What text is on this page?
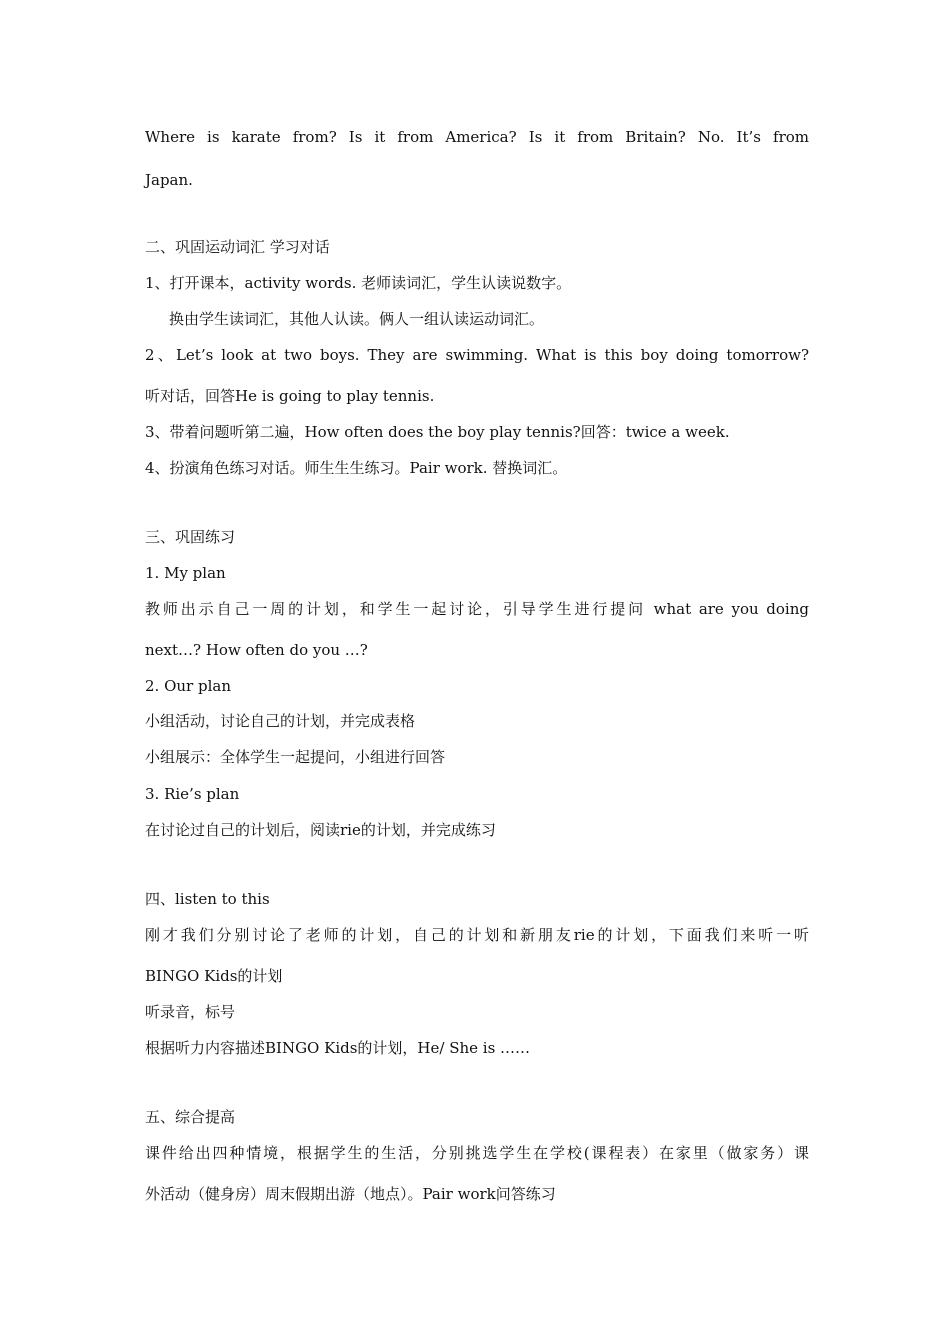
Where is karate from? Is it from America? Is it from Britain? No. It’s from
Japan.
二、巩固运动词汇 学习对话
1、打开课本，activity words. 老师读词汇，学生认读说数字。
换由学生读词汇，其他人认读。俩人一组认读运动词汇。
2、Let’s look at two boys. They are swimming. What is this boy doing tomorrow?
听对话，回答He is going to play tennis.
3、带着问题听第二遍，How often does the boy play tennis?回答：twice a week.
4、扮演角色练习对话。师生生生练习。Pair work. 替换词汇。
三、巩固练习
1. My plan
教师出示自己一周的计划，和学生一起讨论，引导学生进行提问 what are you doing
next…? How often do you …?
2. Our plan
小组活动，讨论自己的计划，并完成表格
小组展示：全体学生一起提问，小组进行回答
3. Rie’s plan
在讨论过自己的计划后，阅读rie的计划，并完成练习
四、listen to this
刚才我们分别讨论了老师的计划，自己的计划和新朋友rie的计划，下面我们来听一听
BINGO Kids的计划
听录音，标号
根据听力内容描述BINGO Kids的计划，He/ She is ……
五、综合提高
课件给出四种情境，根据学生的生活，分别挑选学生在学校(课程表）在家里（做家务）课
外活动（健身房）周末假期出游（地点）。Pair work问答练习
